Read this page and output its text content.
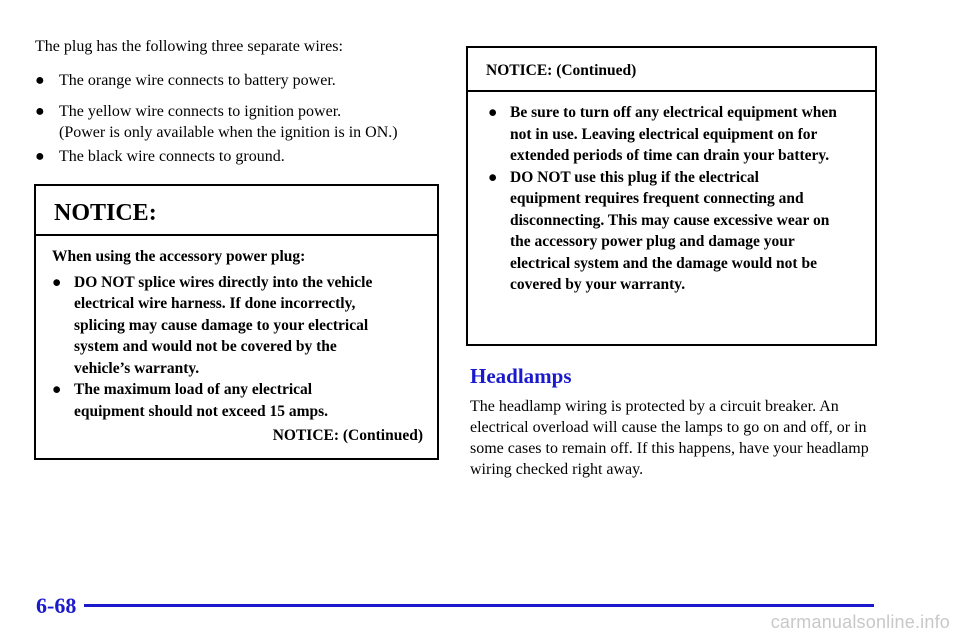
The plug has the following three separate wires:
● The orange wire connects to battery power.
● The yellow wire connects to ignition power.
(Power is only available when the ignition is in ON.)
● The black wire connects to ground.
NOTICE:
When using the accessory power plug:
● DO NOT splice wires directly into the vehicle electrical wire harness. If done incorrectly, splicing may cause damage to your electrical system and would not be covered by the vehicle’s warranty.
● The maximum load of any electrical equipment should not exceed 15 amps.
NOTICE: (Continued)
NOTICE: (Continued)
● Be sure to turn off any electrical equipment when not in use. Leaving electrical equipment on for extended periods of time can drain your battery.
● DO NOT use this plug if the electrical equipment requires frequent connecting and disconnecting. This may cause excessive wear on the accessory power plug and damage your electrical system and the damage would not be covered by your warranty.
Headlamps
The headlamp wiring is protected by a circuit breaker. An electrical overload will cause the lamps to go on and off, or in some cases to remain off. If this happens, have your headlamp wiring checked right away.
6-68
carmanualsonline.info
